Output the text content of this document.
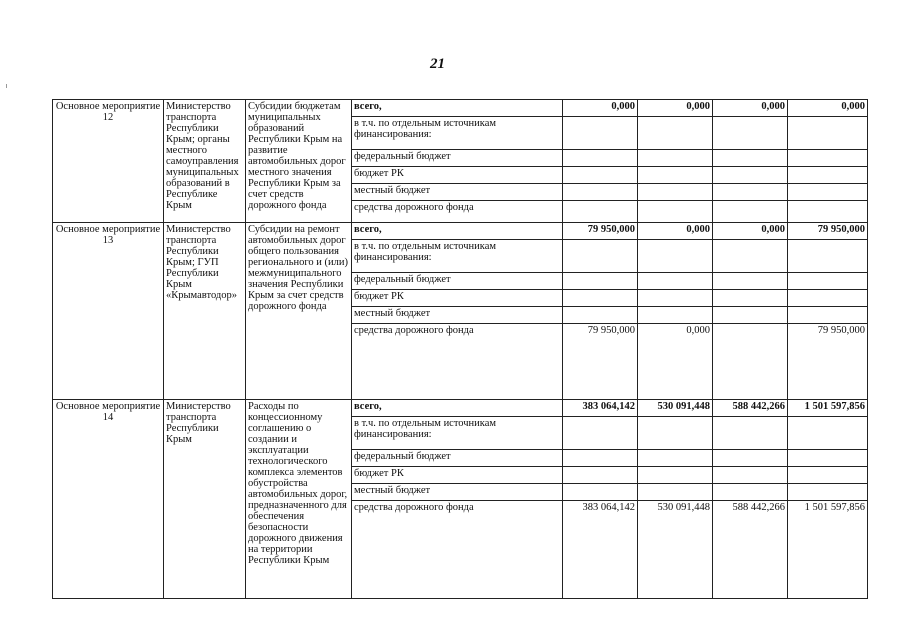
21
Основное мероприятие 12	Министерство транспорта Республики Крым; органы местного самоуправления муниципальных образований в Республике Крым	Субсидии бюджетам муниципальных образований Республики Крым на развитие автомобильных дорог местного значения Республики Крым за счет средств дорожного фонда	всего,	0,000	0,000	0,000	0,000
			в т.ч. по отдельным источникам финансирования:				
			федеральный бюджет				
			бюджет РК				
			местный бюджет				
			средства дорожного фонда				
Основное мероприятие 13	Министерство транспорта Республики Крым; ГУП Республики Крым «Крымавтодор»	Субсидии на ремонт автомобильных дорог общего пользования регионального и (или) межмуниципального значения Республики Крым за счет средств дорожного фонда	всего,	79 950,000	0,000	0,000	79 950,000
			в т.ч. по отдельным источникам финансирования:				
			федеральный бюджет				
			бюджет РК				
			местный бюджет				
			средства дорожного фонда	79 950,000	0,000		79 950,000
Основное мероприятие 14	Министерство транспорта Республики Крым	Расходы по концессионному соглашению о создании и эксплуатации технологического комплекса элементов обустройства автомобильных дорог, предназначенного для обеспечения безопасности дорожного движения на территории Республики Крым	всего,	383 064,142	530 091,448	588 442,266	1 501 597,856
			в т.ч. по отдельным источникам финансирования:				
			федеральный бюджет				
			бюджет РК				
			местный бюджет				
			средства дорожного фонда	383 064,142	530 091,448	588 442,266	1 501 597,856
